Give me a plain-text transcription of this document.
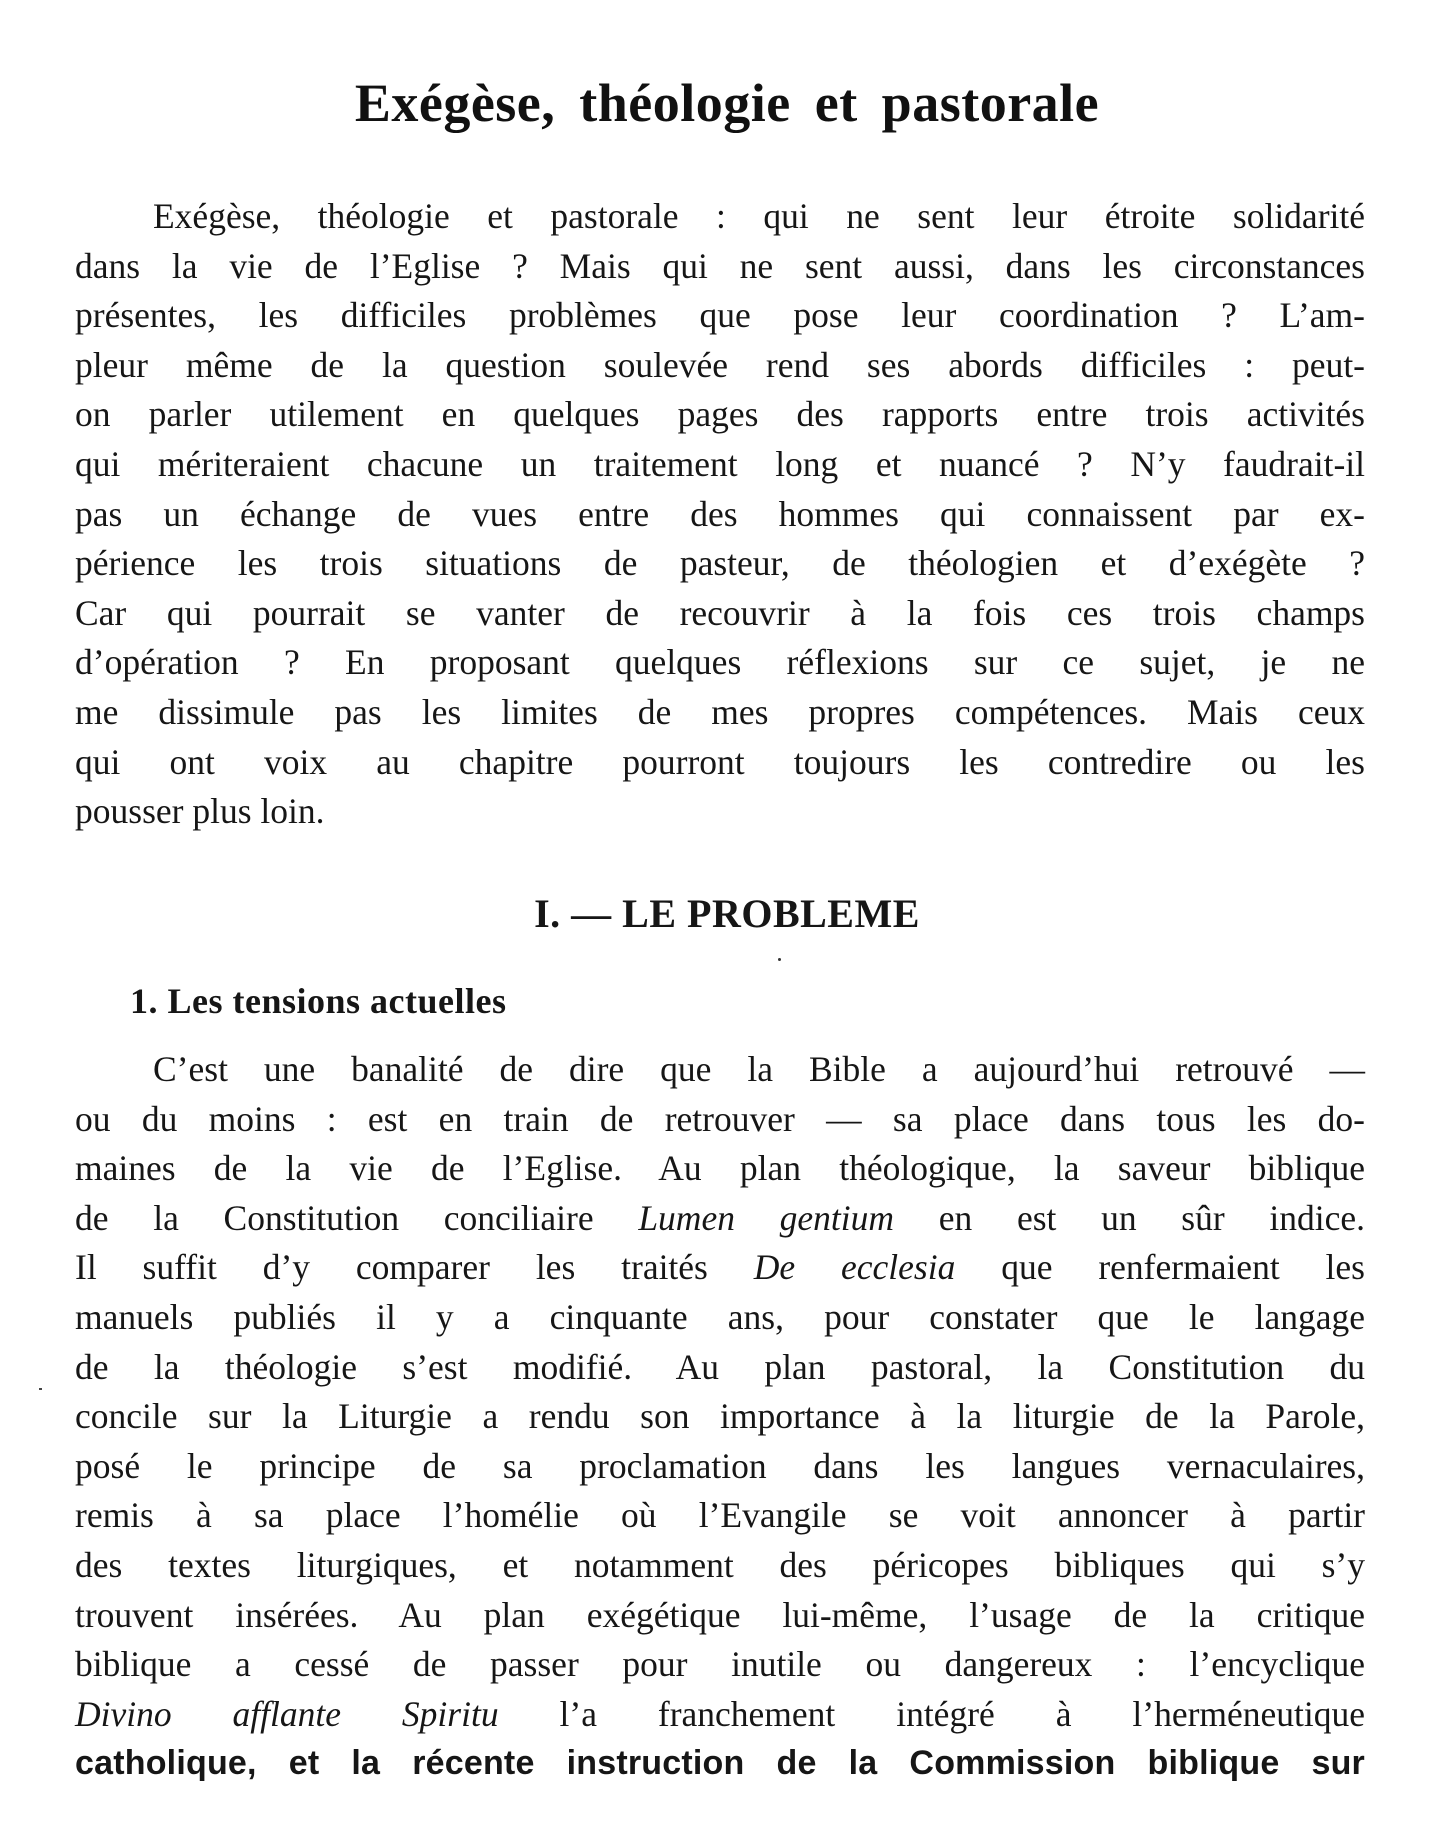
Exégèse, théologie et pastorale

Exégèse, théologie et pastorale : qui ne sent leur étroite solidarité
dans la vie de l’Eglise ? Mais qui ne sent aussi, dans les circonstances
présentes, les difficiles problèmes que pose leur coordination ? L’am-
pleur même de la question soulevée rend ses abords difficiles : peut-
on parler utilement en quelques pages des rapports entre trois activités
qui mériteraient chacune un traitement long et nuancé ? N’y faudrait-il
pas un échange de vues entre des hommes qui connaissent par ex-
périence les trois situations de pasteur, de théologien et d’exégète ?
Car qui pourrait se vanter de recouvrir à la fois ces trois champs
d’opération ? En proposant quelques réflexions sur ce sujet, je ne
me dissimule pas les limites de mes propres compétences. Mais ceux
qui ont voix au chapitre pourront toujours les contredire ou les
pousser plus loin.

I. — LE PROBLEME
1. Les tensions actuelles

C’est une banalité de dire que la Bible a aujourd’hui retrouvé —
ou du moins : est en train de retrouver — sa place dans tous les do-
maines de la vie de l’Eglise. Au plan théologique, la saveur biblique
de la Constitution conciliaire Lumen gentium en est un sûr indice.
Il suffit d’y comparer les traités De ecclesia que renfermaient les
manuels publiés il y a cinquante ans, pour constater que le langage
de la théologie s’est modifié. Au plan pastoral, la Constitution du
concile sur la Liturgie a rendu son importance à la liturgie de la Parole,
posé le principe de sa proclamation dans les langues vernaculaires,
remis à sa place l’homélie où l’Evangile se voit annoncer à partir
des textes liturgiques, et notamment des péricopes bibliques qui s’y
trouvent insérées. Au plan exégétique lui-même, l’usage de la critique
biblique a cessé de passer pour inutile ou dangereux : l’encyclique
Divino afflante Spiritu l’a franchement intégré à l’herméneutique
catholique, et la récente instruction de la Commission biblique sur
